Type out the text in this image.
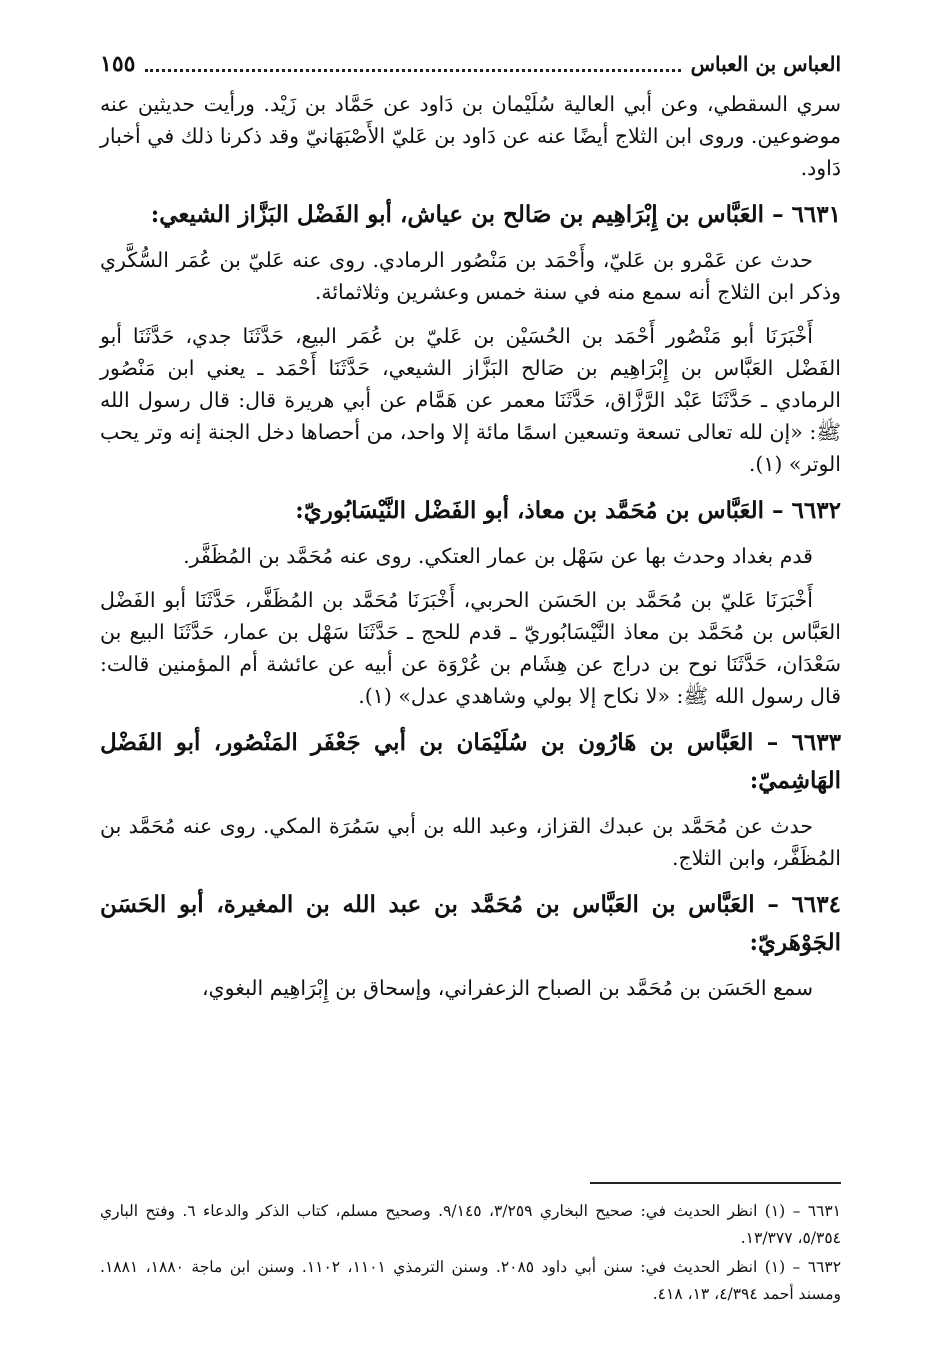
العباس بن العباس
١٥٥

سري السقطي، وعن أبي العالية سُلَيْمان بن دَاود عن حَمَّاد بن زَيْد. ورأيت حديثين عنه موضوعين. وروى ابن الثلاج أيضًا عنه عن دَاود بن عَليّ الأَصْبَهَانيّ وقد ذكرنا ذلك في أخبار دَاود.

٦٦٣١ – العَبَّاس بن إِبْرَاهِيم بن صَالح بن عياش، أبو الفَضْل البَزَّاز الشيعي:

حدث عن عَمْرو بن عَليّ، وأَحْمَد بن مَنْصُور الرمادي. روى عنه عَليّ بن عُمَر السُّكَّري وذكر ابن الثلاج أنه سمع منه في سنة خمس وعشرين وثلاثمائة.

أَخْبَرَنَا أبو مَنْصُور أَحْمَد بن الحُسَيْن بن عَليّ بن عُمَر البيع، حَدَّثَنَا جدي، حَدَّثَنَا أبو الفَضْل العَبَّاس بن إِبْرَاهِيم بن صَالح البَزَّاز الشيعي، حَدَّثَنَا أَحْمَد ـ يعني ابن مَنْصُور الرمادي ـ حَدَّثَنَا عَبْد الرَّزَّاق، حَدَّثَنَا معمر عن هَمَّام عن أبي هريرة قال: قال رسول الله ﷺ: «إن لله تعالى تسعة وتسعين اسمًا مائة إلا واحد، من أحصاها دخل الجنة إنه وتر يحب الوتر» (١).

٦٦٣٢ – العَبَّاس بن مُحَمَّد بن معاذ، أبو الفَضْل النَّيْسَابُوريّ:

قدم بغداد وحدث بها عن سَهْل بن عمار العتكي. روى عنه مُحَمَّد بن المُظَفَّر.

أَخْبَرَنَا عَليّ بن مُحَمَّد بن الحَسَن الحربي، أَخْبَرَنَا مُحَمَّد بن المُظَفَّر، حَدَّثَنَا أبو الفَضْل العَبَّاس بن مُحَمَّد بن معاذ النَّيْسَابُوريّ ـ قدم للحج ـ حَدَّثَنَا سَهْل بن عمار، حَدَّثَنَا البيع بن سَعْدَان، حَدَّثَنَا نوح بن دراج عن هِشَام بن عُرْوَة عن أبيه عن عائشة أم المؤمنين قالت: قال رسول الله ﷺ: «لا نكاح إلا بولي وشاهدي عدل» (١).

٦٦٣٣ – العَبَّاس بن هَارُون بن سُلَيْمَان بن أبي جَعْفَر المَنْصُور، أبو الفَضْل الهَاشِميّ:

حدث عن مُحَمَّد بن عبدك القزاز، وعبد الله بن أبي سَمُرَة المكي. روى عنه مُحَمَّد بن المُظَفَّر، وابن الثلاج.

٦٦٣٤ – العَبَّاس بن العَبَّاس بن مُحَمَّد بن عبد الله بن المغيرة، أبو الحَسَن الجَوْهَريّ:

سمع الحَسَن بن مُحَمَّد بن الصباح الزعفراني، وإسحاق بن إِبْرَاهِيم البغوي،

٦٦٣١ – (١) انظر الحديث في: صحيح البخاري ٣/٢٥٩، ٩/١٤٥. وصحيح مسلم، كتاب الذكر والدعاء ٦. وفتح الباري ٥/٣٥٤، ١٣/٣٧٧.

٦٦٣٢ – (١) انظر الحديث في: سنن أبي داود ٢٠٨٥. وسنن الترمذي ١١٠١، ١١٠٢. وسنن ابن ماجة ١٨٨٠، ١٨٨١. ومسند أحمد ٤/٣٩٤، ١٣، ٤١٨.
